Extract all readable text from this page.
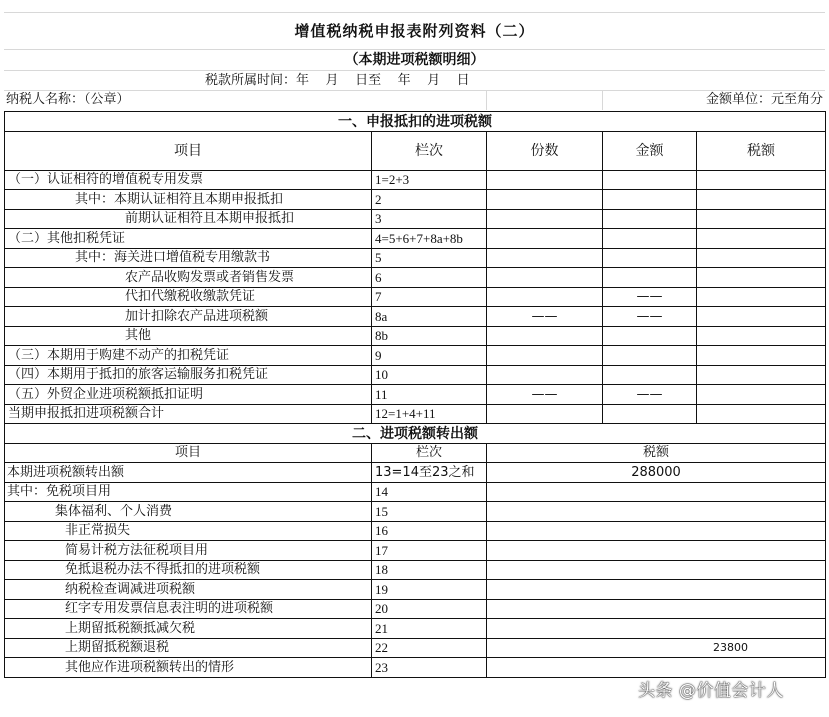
增值税纳税申报表附列资料（二）
（本期进项税额明细）
税款所属时间：年    月    日至    年    月    日
纳税人名称：（公章）	金额单位：元至角分
一、申报抵扣的进项税额				
项目	栏次	份数	金额	税额
（一）认证相符的增值税专用发票	1=2+3			
其中：本期认证相符且本期申报抵扣	2			
前期认证相符且本期申报抵扣	3			
（二）其他扣税凭证	4=5+6+7+8a+8b			
其中：海关进口增值税专用缴款书	5			
农产品收购发票或者销售发票	6			
代扣代缴税收缴款凭证	7		——	
加计扣除农产品进项税额	8a	——	——	
其他	8b			
（三）本期用于购建不动产的扣税凭证	9			
（四）本期用于抵扣的旅客运输服务扣税凭证	10			
（五）外贸企业进项税额抵扣证明	11	——	——	
当期申报抵扣进项税额合计	12=1+4+11			
二、进项税额转出额				
项目	栏次	税额		
本期进项税额转出额	13=14至23之和	288000		
其中：免税项目用	14			
集体福利、个人消费	15			
非正常损失	16			
简易计税方法征税项目用	17			
免抵退税办法不得抵扣的进项税额	18			
纳税检查调减进项税额	19			
红字专用发票信息表注明的进项税额	20			
上期留抵税额抵减欠税	21			
上期留抵税额退税	22	23800		
其他应作进项税额转出的情形	23			
头条 @价值会计人
